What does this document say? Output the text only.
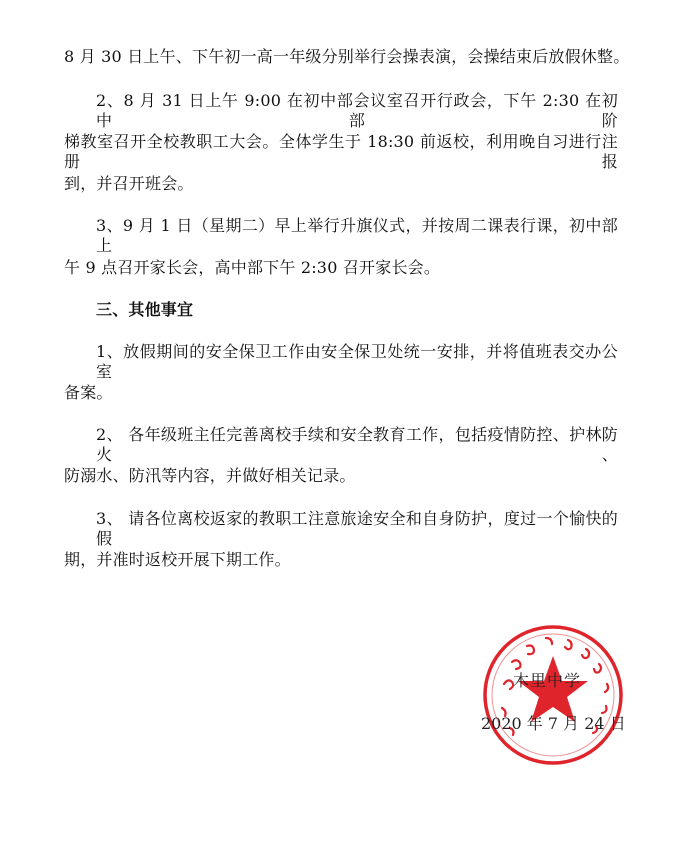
8 月 30 日上午、下午初一高一年级分别举行会操表演，会操结束后放假休整。
2、8 月 31 日上午 9:00 在初中部会议室召开行政会，下午 2:30 在初中部阶
梯教室召开全校教职工大会。全体学生于 18:30 前返校，利用晚自习进行注册报
到，并召开班会。
3、9 月 1 日（星期二）早上举行升旗仪式，并按周二课表行课，初中部上
午 9 点召开家长会，高中部下午 2:30 召开家长会。
三、其他事宜
1、放假期间的安全保卫工作由安全保卫处统一安排，并将值班表交办公室
备案。
2、 各年级班主任完善离校手续和安全教育工作，包括疫情防控、护林防火、
防溺水、防汛等内容，并做好相关记录。
3、 请各位离校返家的教职工注意旅途安全和自身防护，度过一个愉快的假
期，并准时返校开展下期工作。
木里中学
2020 年 7 月 24 日
